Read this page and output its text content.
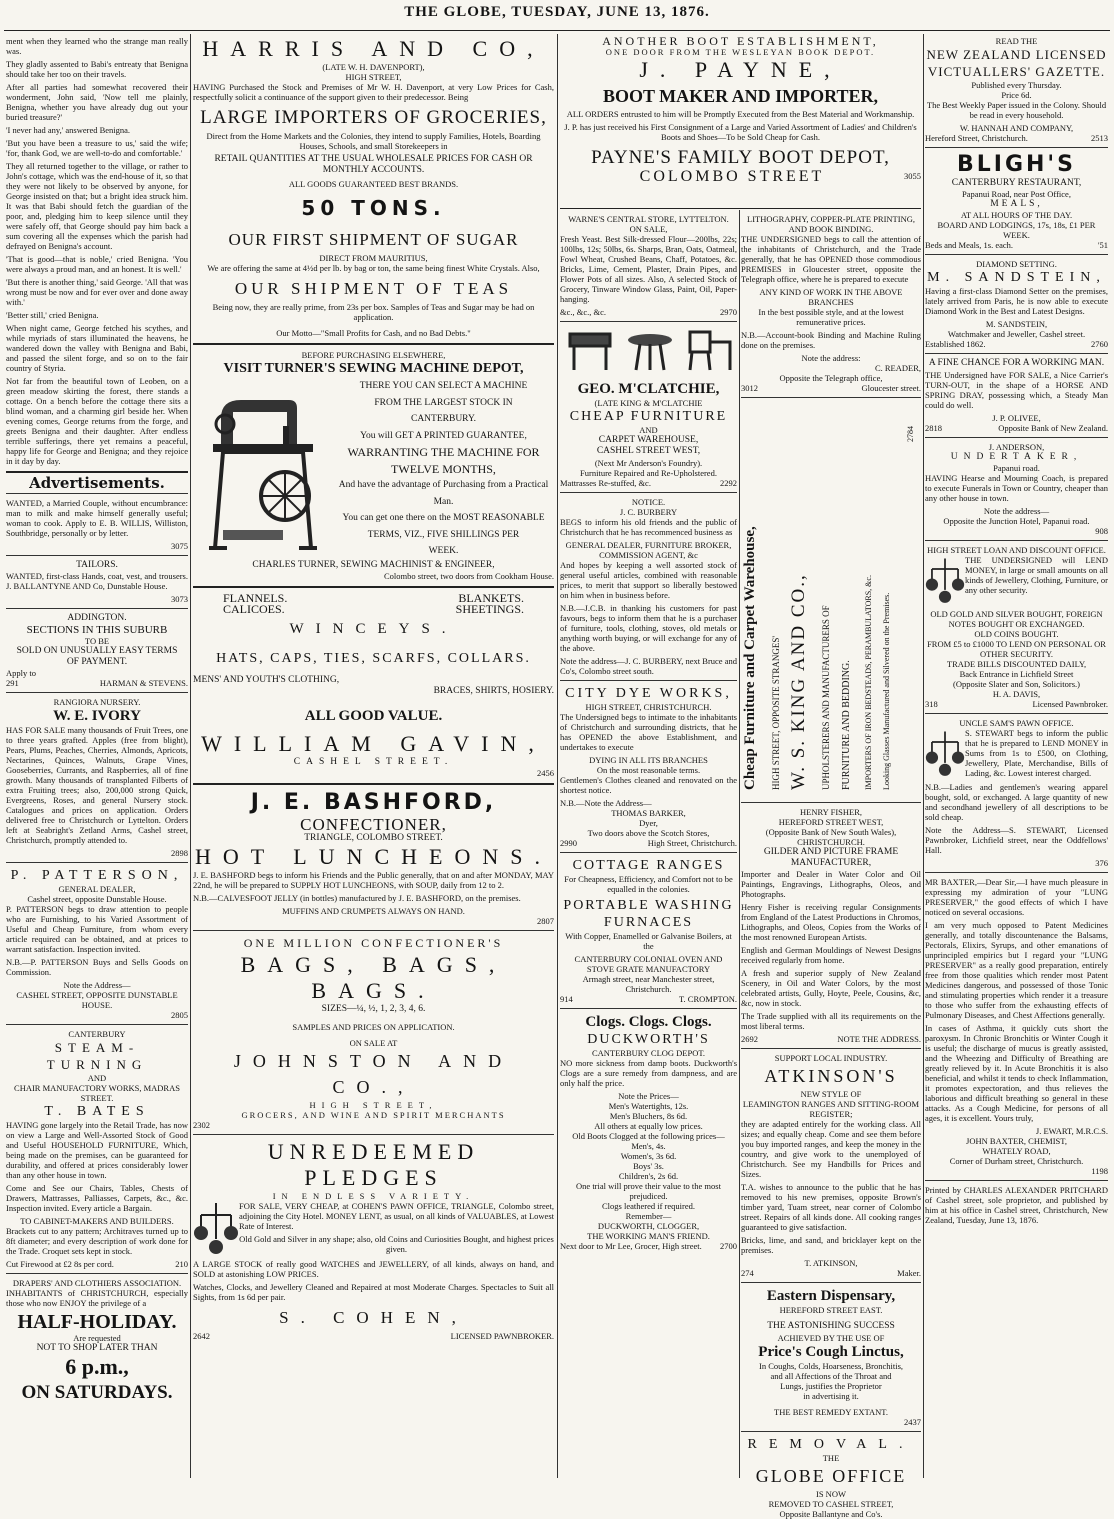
THE GLOBE, TUESDAY, JUNE 13, 1876.

ment when they learned who the strange man really was.

They gladly assented to Babi's entreaty that Benigna should take her too on their travels.

After all parties had somewhat recovered their wonderment, John said, 'Now tell me plainly, Benigna, whether you have already dug out your buried treasure?'

'I never had any,' answered Benigna.

'But you have been a treasure to us,' said the wife; 'for, thank God, we are well-to-do and comfortable.'

They all returned together to the village, or rather to John's cottage, which was the end-house of it, so that they were not likely to be observed by anyone, for George insisted on that; but a bright idea struck him. It was that Babi should fetch the guardian of the poor, and, pledging him to keep silence until they were safely off, that George should pay him back a sum covering all the expenses which the parish had defrayed on Benigna's account.

'That is good—that is noble,' cried Benigna. 'You were always a proud man, and an honest. It is well.'

'But there is another thing,' said George. 'All that was wrong must be now and for ever over and done away with.'

'Better still,' cried Benigna.

When night came, George fetched his scythes, and while myriads of stars illuminated the heavens, he wandered down the valley with Benigna and Babi, and passed the silent forge, and so on to the fair country of Styria.

Not far from the beautiful town of Leoben, on a green meadow skirting the forest, there stands a cottage. On a bench before the cottage there sits a blind woman, and a charming girl beside her. When evening comes, George returns from the forge, and greets Benigna and their daughter. After endless terrible sufferings, there yet remains a peaceful, happy life for George and Benigna; and they rejoice in it day by day.

Advertisements.

WANTED, a Married Couple, without encumbrance: man to milk and make himself generally useful; woman to cook. Apply to E. B. WILLIS, Williston, Southbridge, personally or by letter.

3075
TAILORS.

WANTED, first-class Hands, coat, vest, and trousers. J. BALLANTYNE AND Co, Dunstable House.

3073
ADDINGTON.
SECTIONS IN THIS SUBURB
TO BE
SOLD ON UNUSUALLY EASY TERMS
OF PAYMENT.
Apply to
291	HARMAN & STEVENS.
RANGIORA NURSERY.
W. E. IVORY

HAS FOR SALE many thousands of Fruit Trees, one to three years grafted. Apples (free from blight), Pears, Plums, Peaches, Cherries, Almonds, Apricots, Nectarines, Quinces, Walnuts, Grape Vines, Gooseberries, Currants, and Raspberries, all of fine growth. Many thousands of transplanted Filberts of extra Fruiting trees; also, 200,000 strong Quick, Evergreens, Roses, and general Nursery stock. Catalogues and prices on application. Orders delivered free to Christchurch or Lyttelton. Orders left at Seabright's Zetland Arms, Cashel street, Christchurch, promptly attended to.

2898
P. PATTERSON,
GENERAL DEALER,
Cashel street, opposite Dunstable House.

P. PATTERSON begs to draw attention to people who are Furnishing, to his Varied Assortment of Useful and Cheap Furniture, from whom every article required can be obtained, and at prices to warrant satisfaction. Inspection invited.

N.B.—P. PATTERSON Buys and Sells Goods on Commission.

Note the Address—
CASHEL STREET, OPPOSITE DUNSTABLE HOUSE.
2805
CANTERBURY
STEAM-TURNING
AND
CHAIR MANUFACTORY WORKS, MADRAS STREET.
T. BATES

HAVING gone largely into the Retail Trade, has now on view a Large and Well-Assorted Stock of Good and Useful HOUSEHOLD FURNITURE, Which, being made on the premises, can be guaranteed for durability, and offered at prices considerably lower than any other house in town.

Come and See our Chairs, Tables, Chests of Drawers, Mattrasses, Palliasses, Carpets, &c., &c. Inspection invited. Every article a Bargain.

TO CABINET-MAKERS AND BUILDERS.

Brackets cut to any pattern; Architraves turned up to 8ft diameter; and every description of work done for the Trade. Croquet sets kept in stock.

Cut Firewood at £2 8s per cord.	210
DRAPERS' AND CLOTHIERS ASSOCIATION.

INHABITANTS of CHRISTCHURCH, especially those who now ENJOY the privilege of a

HALF-HOLIDAY.
Are requested
NOT TO SHOP LATER THAN
6 p.m.,
ON SATURDAYS.
HARRIS AND CO,
(LATE W. H. DAVENPORT),
HIGH STREET,

HAVING Purchased the Stock and Premises of Mr W. H. Davenport, at very Low Prices for Cash, respectfully solicit a continuance of the support given to their predecessor. Being

LARGE IMPORTERS OF GROCERIES,

Direct from the Home Markets and the Colonies, they intend to supply Families, Hotels, Boarding Houses, Schools, and small Storekeepers in

RETAIL QUANTITIES AT THE USUAL WHOLESALE PRICES FOR CASH OR MONTHLY ACCOUNTS.

ALL GOODS GUARANTEED BEST BRANDS.
50 TONS.
OUR FIRST SHIPMENT OF SUGAR
DIRECT FROM MAURITIUS,

We are offering the same at 4½d per lb. by bag or ton, the same being finest White Crystals. Also,

OUR SHIPMENT OF TEAS

Being now, they are really prime, from 23s per box. Samples of Teas and Sugar may be had on application.

Our Motto—"Small Profits for Cash, and no Bad Debts."
BEFORE PURCHASING ELSEWHERE,
VISIT TURNER'S SEWING MACHINE DEPOT,
THERE YOU CAN SELECT A MACHINE
FROM THE LARGEST STOCK IN
CANTERBURY.
You will GET A PRINTED GUARANTEE,
WARRANTING THE MACHINE FOR
TWELVE MONTHS,
And have the advantage of Purchasing from a Practical Man.
You can get one there on the MOST REASONABLE
TERMS, VIZ., FIVE SHILLINGS PER
WEEK.
CHARLES TURNER, SEWING MACHINIST & ENGINEER,
Colombo street, two doors from Cookham House.
FLANNELS.	BLANKETS.
CALICOES.	SHEETINGS.
WINCEYS.
HATS, CAPS, TIES, SCARFS, COLLARS.
MENS' AND YOUTH'S CLOTHING,
BRACES, SHIRTS, HOSIERY.
ALL GOOD VALUE.
WILLIAM GAVIN,
CASHEL STREET.
2456
J. E. BASHFORD,
CONFECTIONER,
TRIANGLE, COLOMBO STREET.
HOT LUNCHEONS.

J. E. BASHFORD begs to inform his Friends and the Public generally, that on and after MONDAY, MAY 22nd, he will be prepared to SUPPLY HOT LUNCHEONS, with SOUP, daily from 12 to 2.

N.B.—CALVESFOOT JELLY (in bottles) manufactured by J. E. BASHFORD, on the premises.

MUFFINS AND CRUMPETS ALWAYS ON HAND.
2807
ONE MILLION CONFECTIONER'S
BAGS, BAGS, BAGS.
SIZES—¼, ½, 1, 2, 3, 4, 6.
SAMPLES AND PRICES ON APPLICATION.
ON SALE AT
JOHNSTON AND CO.,
HIGH STREET,
GROCERS, AND WINE AND SPIRIT MERCHANTS
2302
UNREDEEMED PLEDGES
IN ENDLESS VARIETY.

FOR SALE, VERY CHEAP, at COHEN'S PAWN OFFICE, TRIANGLE, Colombo street, adjoining the City Hotel. MONEY LENT, as usual, on all kinds of VALUABLES, at Lowest Rate of Interest.

Old Gold and Silver in any shape; also, old Coins and Curiosities Bought, and highest prices given.

A LARGE STOCK of really good WATCHES and JEWELLERY, of all kinds, always on hand, and SOLD at astonishing LOW PRICES.

Watches, Clocks, and Jewellery Cleaned and Repaired at most Moderate Charges. Spectacles to Suit all Sights, from 1s 6d per pair.

S. COHEN,
2642	LICENSED PAWNBROKER.
ANOTHER BOOT ESTABLISHMENT,
ONE DOOR FROM THE WESLEYAN BOOK DEPOT.
J. PAYNE,
BOOT MAKER AND IMPORTER,

ALL ORDERS entrusted to him will be Promptly Executed from the Best Material and Workmanship.

J. P. has just received his First Consignment of a Large and Varied Assortment of Ladies' and Children's Boots and Shoes—To be Sold Cheap for Cash.

PAYNE'S FAMILY BOOT DEPOT,
COLOMBO STREET	3055
WARNE'S CENTRAL STORE, LYTTELTON.
ON SALE,

Fresh Yeast. Best Silk-dressed Flour—200lbs, 22s; 100lbs, 12s; 50lbs, 6s. Sharps, Bran, Oats, Oatmeal, Fowl Wheat, Crushed Beans, Chaff, Potatoes, &c. Bricks, Lime, Cement, Plaster, Drain Pipes, and Flower Pots of all sizes. Also, A selected Stock of Grocery, Tinware Window Glass, Paint, Oil, Paper-hanging.

&c., &c., &c.	2970
GEO. M'CLATCHIE,
(LATE KING & M'CLATCHIE
CHEAP FURNITURE
AND
CARPET WAREHOUSE,
CASHEL STREET WEST,
(Next Mr Anderson's Foundry).
Furniture Repaired and Re-Upholstered.
Mattrasses Re-stuffed, &c.	2292
NOTICE.
J. C. BURBERY

BEGS to inform his old friends and the public of Christchurch that he has recommenced business as

GENERAL DEALER, FURNITURE BROKER, COMMISSION AGENT, &c

And hopes by keeping a well assorted stock of general useful articles, combined with reasonable prices, to merit that support so liberally bestowed on him when in business before.

N.B.—J.C.B. in thanking his customers for past favours, begs to inform them that he is a purchaser of furniture, tools, clothing, stoves, old metals or anything worth buying, or will exchange for any of the above.

Note the address—J. C. BURBERY, next Bruce and Co's, Colombo street south.

CITY DYE WORKS,
HIGH STREET, CHRISTCHURCH.

The Undersigned begs to intimate to the inhabitants of Christchurch and surrounding districts, that he has OPENED the above Establishment, and undertakes to execute

DYING IN ALL ITS BRANCHES
On the most reasonable terms.

Gentlemen's Clothes cleaned and renovated on the shortest notice.

N.B.—Note the Address—
THOMAS BARKER,
Dyer,
Two doors above the Scotch Stores,
2990	High Street, Christchurch.
COTTAGE RANGES

For Cheapness, Efficiency, and Comfort not to be equalled in the colonies.

PORTABLE WASHING FURNACES

With Copper, Enamelled or Galvanise Boilers, at the

CANTERBURY COLONIAL OVEN AND STOVE GRATE MANUFACTORY
Armagh street, near Manchester street, Christchurch.
914	T. CROMPTON.
Clogs. Clogs. Clogs.
DUCKWORTH'S
CANTERBURY CLOG DEPOT.

NO more sickness from damp boots. Duckworth's Clogs are a sure remedy from dampness, and are only half the price.

Note the Prices—
Men's Watertights, 12s.
Men's Bluchers, 8s 6d.
All others at equally low prices.
Old Boots Clogged at the following prices—
Men's, 4s.
Women's, 3s 6d.
Boys' 3s.
Children's, 2s 6d.
One trial will prove their value to the most prejudiced.
Clogs leathered if required.
Remember—
DUCKWORTH, CLOGGER,
THE WORKING MAN'S FRIEND.
Next door to Mr Lee, Grocer, High street. 2700
LITHOGRAPHY, COPPER-PLATE PRINTING, AND BOOK BINDING.

THE UNDERSIGNED begs to call the attention of the inhabitants of Christchurch, and the Trade generally, that he has OPENED those commodious PREMISES in Gloucester street, opposite the Telegraph office, where he is prepared to execute

ANY KIND OF WORK IN THE ABOVE BRANCHES

In the best possible style, and at the lowest remunerative prices.

N.B.—Account-book Binding and Machine Ruling done on the premises.

Note the address:
C. READER,
Opposite the Telegraph office,
3012	Gloucester street.
Cheap Furniture and Carpet Warehouse, HIGH STREET, OPPOSITE STRANGES' W. S. KING AND CO., UPHOLSTERERS AND MANUFACTURERS OF FURNITURE AND BEDDING. IMPORTERS OF IRON BEDSTEADS, PERAMBULATORS, &c. Looking Glasses Manufactured and Silvered on the Premises.
2784
HENRY FISHER,
HEREFORD STREET WEST,
(Opposite Bank of New South Wales),
CHRISTCHURCH.
GILDER AND PICTURE FRAME MANUFACTURER,

Importer and Dealer in Water Color and Oil Paintings, Engravings, Lithographs, Oleos, and Photographs.

Henry Fisher is receiving regular Consignments from England of the Latest Productions in Chromos, Lithographs, and Oleos, Copies from the Works of the most renowned European Artists.

English and German Mouldings of Newest Designs received regularly from home.

A fresh and superior supply of New Zealand Scenery, in Oil and Water Colors, by the most celebrated artists, Gully, Hoyte, Peele, Cousins, &c, &c, now in stock.

The Trade supplied with all its requirements on the most liberal terms.

2692	NOTE THE ADDRESS.
SUPPORT LOCAL INDUSTRY.
ATKINSON'S
NEW STYLE OF
LEAMINGTON RANGES AND SITTING-ROOM REGISTER;

they are adapted entirely for the working class. All sizes; and equally cheap. Come and see them before you buy imported ranges, and keep the money in the country, and give work to the unemployed of Christchurch. See my Handbills for Prices and Sizes.

T.A. wishes to announce to the public that he has removed to his new premises, opposite Brown's timber yard, Tuam street, near corner of Colombo street. Repairs of all kinds done. All cooking ranges guaranteed to give satisfaction.

Bricks, lime, and sand, and bricklayer kept on the premises.

T. ATKINSON,
274	Maker.
Eastern Dispensary,
HEREFORD STREET EAST.
THE ASTONISHING SUCCESS
ACHIEVED BY THE USE OF
Price's Cough Linctus,
In Coughs, Colds, Hoarseness, Bronchitis,
and all Affections of the Throat and
Lungs, justifies the Proprietor
in advertising it.
THE BEST REMEDY EXTANT.
2437
REMOVAL.
THE
GLOBE OFFICE
IS NOW
REMOVED TO CASHEL STREET,
Opposite Ballantyne and Co's.
READ THE
NEW ZEALAND LICENSED VICTUALLERS' GAZETTE.
Published every Thursday.
Price 6d.

The Best Weekly Paper issued in the Colony. Should be read in every household.

W. HANNAH AND COMPANY,
Hereford Street, Christchurch.	2513
BLIGH'S
CANTERBURY RESTAURANT,
Papanui Road, near Post Office,
MEALS,
AT ALL HOURS OF THE DAY.
BOARD AND LODGINGS, 17s, 18s, £1 PER WEEK.
Beds and Meals, 1s. each.	'51
DIAMOND SETTING.
M. SANDSTEIN,

Having a first-class Diamond Setter on the premises, lately arrived from Paris, he is now able to execute Diamond Work in the Best and Latest Designs.

M. SANDSTEIN,
Watchmaker and Jeweller, Cashel street.
Established 1862.	2760
A FINE CHANCE FOR A WORKING MAN.

THE Undersigned have FOR SALE, a Nice Carrier's TURN-OUT, in the shape of a HORSE AND SPRING DRAY, possessing which, a Steady Man could do well.

J. P. OLIVEE,
2818	Opposite Bank of New Zealand.
J. ANDERSON,
UNDERTAKER,
Papanui road.

HAVING Hearse and Mourning Coach, is prepared to execute Funerals in Town or Country, cheaper than any other house in town.

Note the address—
Opposite the Junction Hotel, Papanui road.
908
HIGH STREET LOAN AND DISCOUNT OFFICE.

THE UNDERSIGNED will LEND MONEY, in large or small amounts on all kinds of Jewellery, Clothing, Furniture, or any other security.

OLD GOLD AND SILVER BOUGHT, FOREIGN NOTES BOUGHT OR EXCHANGED.
OLD COINS BOUGHT.
FROM £5 to £1000 TO LEND ON PERSONAL OR OTHER SECURITY.
TRADE BILLS DISCOUNTED DAILY,
Back Entrance in Lichfield Street
(Opposite Slater and Son, Solicitors.)
H. A. DAVIS,
318	Licensed Pawnbroker.
UNCLE SAM'S PAWN OFFICE.

S. STEWART begs to inform the public that he is prepared to LEND MONEY in Sums from 1s to £500, on Clothing, Jewellery, Plate, Merchandise, Bills of Lading, &c. Lowest interest charged.

N.B.—Ladies and gentlemen's wearing apparel bought, sold, or exchanged. A large quantity of new and secondhand jewellery of all descriptions to be sold cheap.

Note the Address—S. STEWART, Licensed Pawnbroker, Lichfield street, near the Oddfellows' Hall.

376

MR BAXTER,—Dear Sir,—I have much pleasure in expressing my admiration of your "LUNG PRESERVER," the good effects of which I have noticed on several occasions.

I am very much opposed to Patent Medicines generally, and totally discountenance the Balsams, Pectorals, Elixirs, Syrups, and other emanations of unprincipled empirics but I regard your "LUNG PRESERVER" as a really good preparation, entirely free from those qualities which render most Patent Medicines dangerous, and possessed of those Tonic and stimulating properties which render it a treasure to those who suffer from the exhausting effects of Pulmonary Diseases, and Chest Affections generally.

In cases of Asthma, it quickly cuts short the paroxysm. In Chronic Bronchitis or Winter Cough it is useful; the discharge of mucus is greatly assisted, and the Wheezing and Difficulty of Breathing are greatly relieved by it. In Acute Bronchitis it is also beneficial, and whilst it tends to check Inflammation, it promotes expectoration, and thus relieves the laborious and difficult breathing so general in these attacks. As a Cough Medicine, for persons of all ages, it is excellent. Yours truly,

J. EWART, M.R.C.S.
JOHN BAXTER, CHEMIST,
WHATELY ROAD,
Corner of Durham street, Christchurch.
1198

Printed by CHARLES ALEXANDER PRITCHARD of Cashel street, sole proprietor, and published by him at his office in Cashel street, Christchurch, New Zealand, Tuesday, June 13, 1876.
